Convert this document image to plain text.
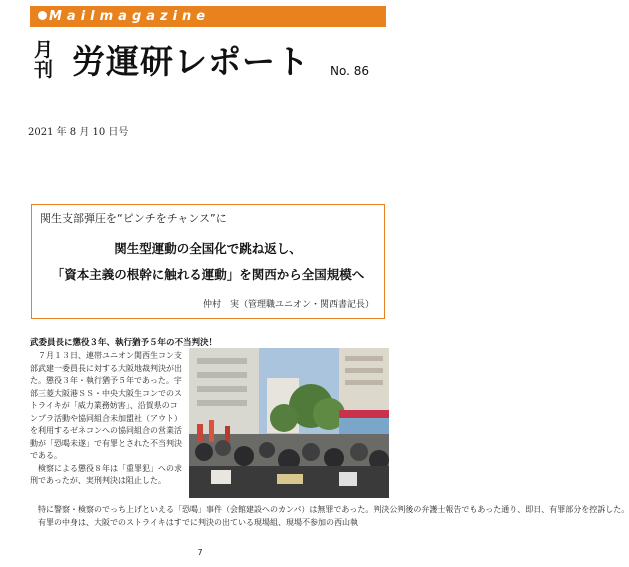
Mailmagazine
月刊 労運研レポート No. 86
2021 年 8 月 10 日号
関生支部弾圧を“ピンチをチャンス”に
関生型運動の全国化で跳ね返し、
「資本主義の根幹に触れる運動」を関西から全国規模へ
仲村　実（管理職ユニオン・関西書記長）
武委員長に懲役３年、執行猶予５年の不当判決！

７月１３日、連帯ユニオン関西生コン支部武建一委員長に対する大阪地裁判決が出た。懲役３年・執行猶予５年であった。宇部三菱大阪港ＳＳ・中央大阪生コンでのストライキが「威力業務妨害」、沿賀県のコンプラ活動や協同組合未加盟社（アウト）を利用するゼネコンへの協同組合の営業活動が「恐喝未遂」で有罪とされた不当判決である。

検察による懲役８年は「重罪犯」への求刑であったが、実刑判決は阻止した。

特に警察・検察のでっち上げといえる「恐喝」事件（会館建設へのカンパ）は無罪であった。判決公判後の弁護士報告でもあった通り、即日、有罪部分を控訴した。

有罪の中身は、大阪でのストライキはすでに判決の出ている現場組、現場不参加の西山執

7
